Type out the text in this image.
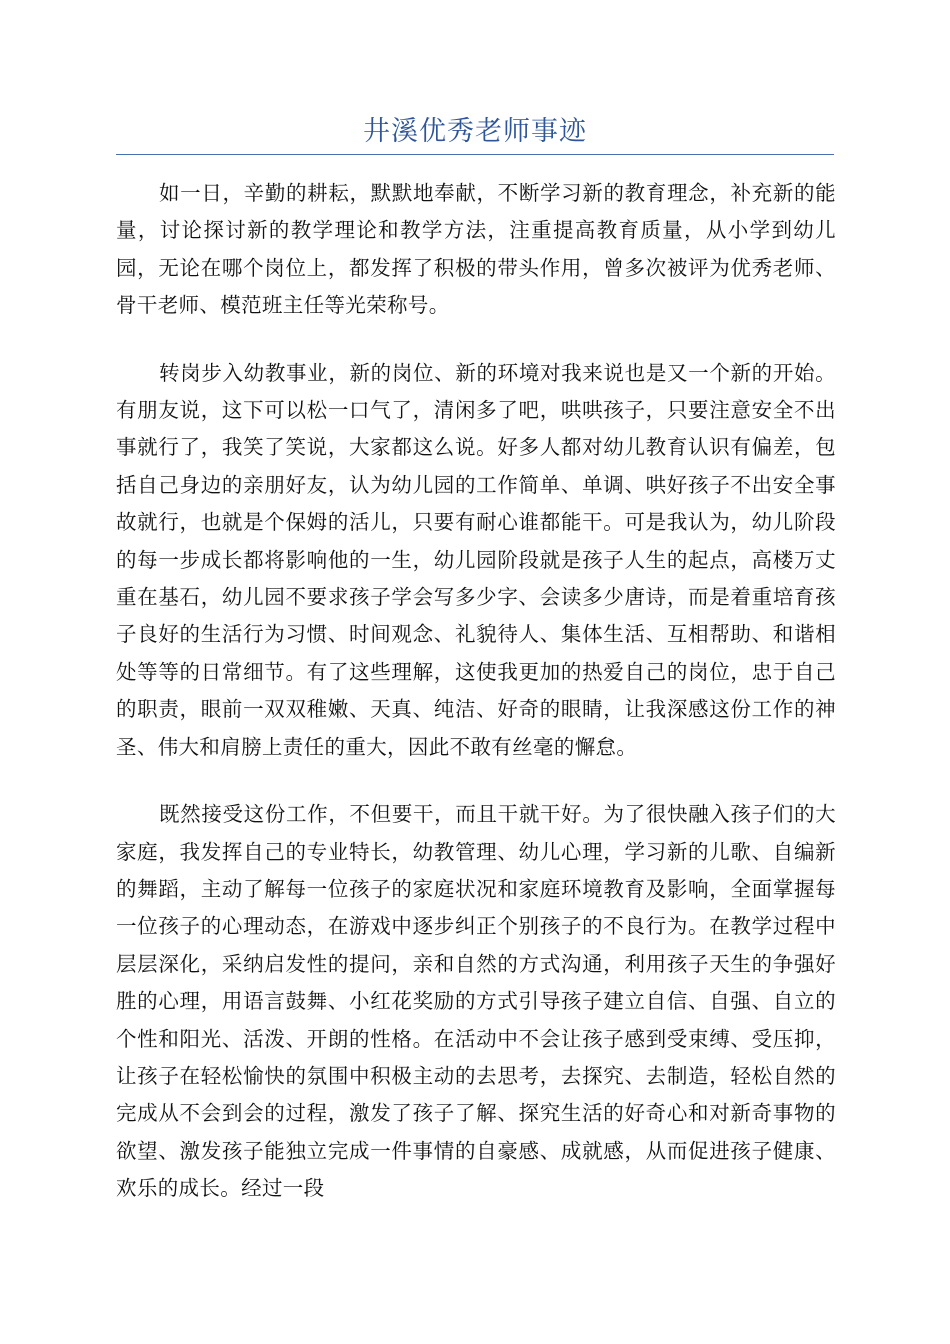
井溪优秀老师事迹

如一日，辛勤的耕耘，默默地奉献，不断学习新的教育理念，补充新的能量，讨论探讨新的教学理论和教学方法，注重提高教育质量，从小学到幼儿园，无论在哪个岗位上，都发挥了积极的带头作用，曾多次被评为优秀老师、骨干老师、模范班主任等光荣称号。

转岗步入幼教事业，新的岗位、新的环境对我来说也是又一个新的开始。有朋友说，这下可以松一口气了，清闲多了吧，哄哄孩子，只要注意安全不出事就行了，我笑了笑说，大家都这么说。好多人都对幼儿教育认识有偏差，包括自己身边的亲朋好友，认为幼儿园的工作简单、单调、哄好孩子不出安全事故就行，也就是个保姆的活儿，只要有耐心谁都能干。可是我认为，幼儿阶段的每一步成长都将影响他的一生，幼儿园阶段就是孩子人生的起点，高楼万丈重在基石，幼儿园不要求孩子学会写多少字、会读多少唐诗，而是着重培育孩子良好的生活行为习惯、时间观念、礼貌待人、集体生活、互相帮助、和谐相处等等的日常细节。有了这些理解，这使我更加的热爱自己的岗位，忠于自己的职责，眼前一双双稚嫩、天真、纯洁、好奇的眼睛，让我深感这份工作的神圣、伟大和肩膀上责任的重大，因此不敢有丝毫的懈怠。

既然接受这份工作，不但要干，而且干就干好。为了很快融入孩子们的大家庭，我发挥自己的专业特长，幼教管理、幼儿心理，学习新的儿歌、自编新的舞蹈，主动了解每一位孩子的家庭状况和家庭环境教育及影响，全面掌握每一位孩子的心理动态，在游戏中逐步纠正个别孩子的不良行为。在教学过程中层层深化，采纳启发性的提问，亲和自然的方式沟通，利用孩子天生的争强好胜的心理，用语言鼓舞、小红花奖励的方式引导孩子建立自信、自强、自立的个性和阳光、活泼、开朗的性格。在活动中不会让孩子感到受束缚、受压抑，让孩子在轻松愉快的氛围中积极主动的去思考，去探究、去制造，轻松自然的完成从不会到会的过程，激发了孩子了解、探究生活的好奇心和对新奇事物的欲望、激发孩子能独立完成一件事情的自豪感、成就感，从而促进孩子健康、欢乐的成长。经过一段
